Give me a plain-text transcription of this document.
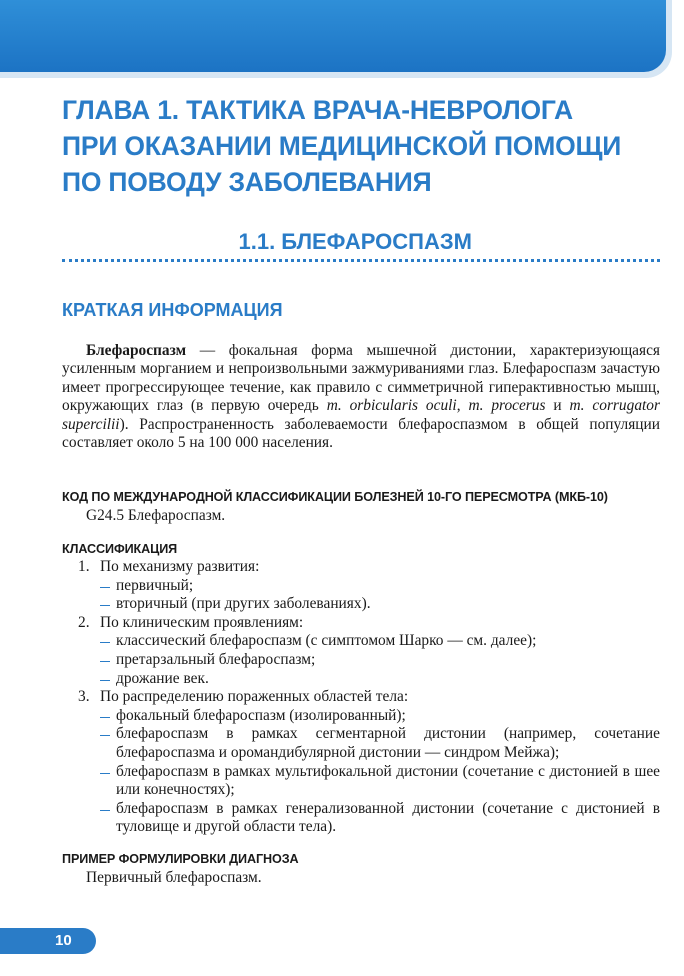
ГЛАВА 1. ТАКТИКА ВРАЧА-НЕВРОЛОГА
ПРИ ОКАЗАНИИ МЕДИЦИНСКОЙ ПОМОЩИ
ПО ПОВОДУ ЗАБОЛЕВАНИЯ
1.1. БЛЕФАРОСПАЗМ
КРАТКАЯ ИНФОРМАЦИЯ

Блефароспазм — фокальная форма мышечной дистонии, характеризующаяся усиленным морганием и непроизвольными зажмуриваниями глаз. Блефароспазм зачастую имеет прогрессирующее течение, как правило с симметричной гиперактивностью мышц, окружающих глаз (в первую очередь m. orbicularis oculi, m. procerus и m. corrugator supercilii). Распространенность заболеваемости блефароспазмом в общей популяции составляет около 5 на 100 000 населения.

КОД ПО МЕЖДУНАРОДНОЙ КЛАССИФИКАЦИИ БОЛЕЗНЕЙ 10-ГО ПЕРЕСМОТРА (МКБ-10)

G24.5 Блефароспазм.

КЛАССИФИКАЦИЯ

1. По механизму развития:
первичный;
вторичный (при других заболеваниях).
2. По клиническим проявлениям:
классический блефароспазм (с симптомом Шарко — см. далее);
претарзальный блефароспазм;
дрожание век.
3. По распределению пораженных областей тела:
фокальный блефароспазм (изолированный);
блефароспазм в рамках сегментарной дистонии (например, сочетание блефароспазма и оромандибулярной дистонии — синдром Мейжа);
блефароспазм в рамках мультифокальной дистонии (сочетание с дистонией в шее или конечностях);
блефароспазм в рамках генерализованной дистонии (сочетание с дистонией в туловище и другой области тела).

ПРИМЕР ФОРМУЛИРОВКИ ДИАГНОЗА

Первичный блефароспазм.

10
